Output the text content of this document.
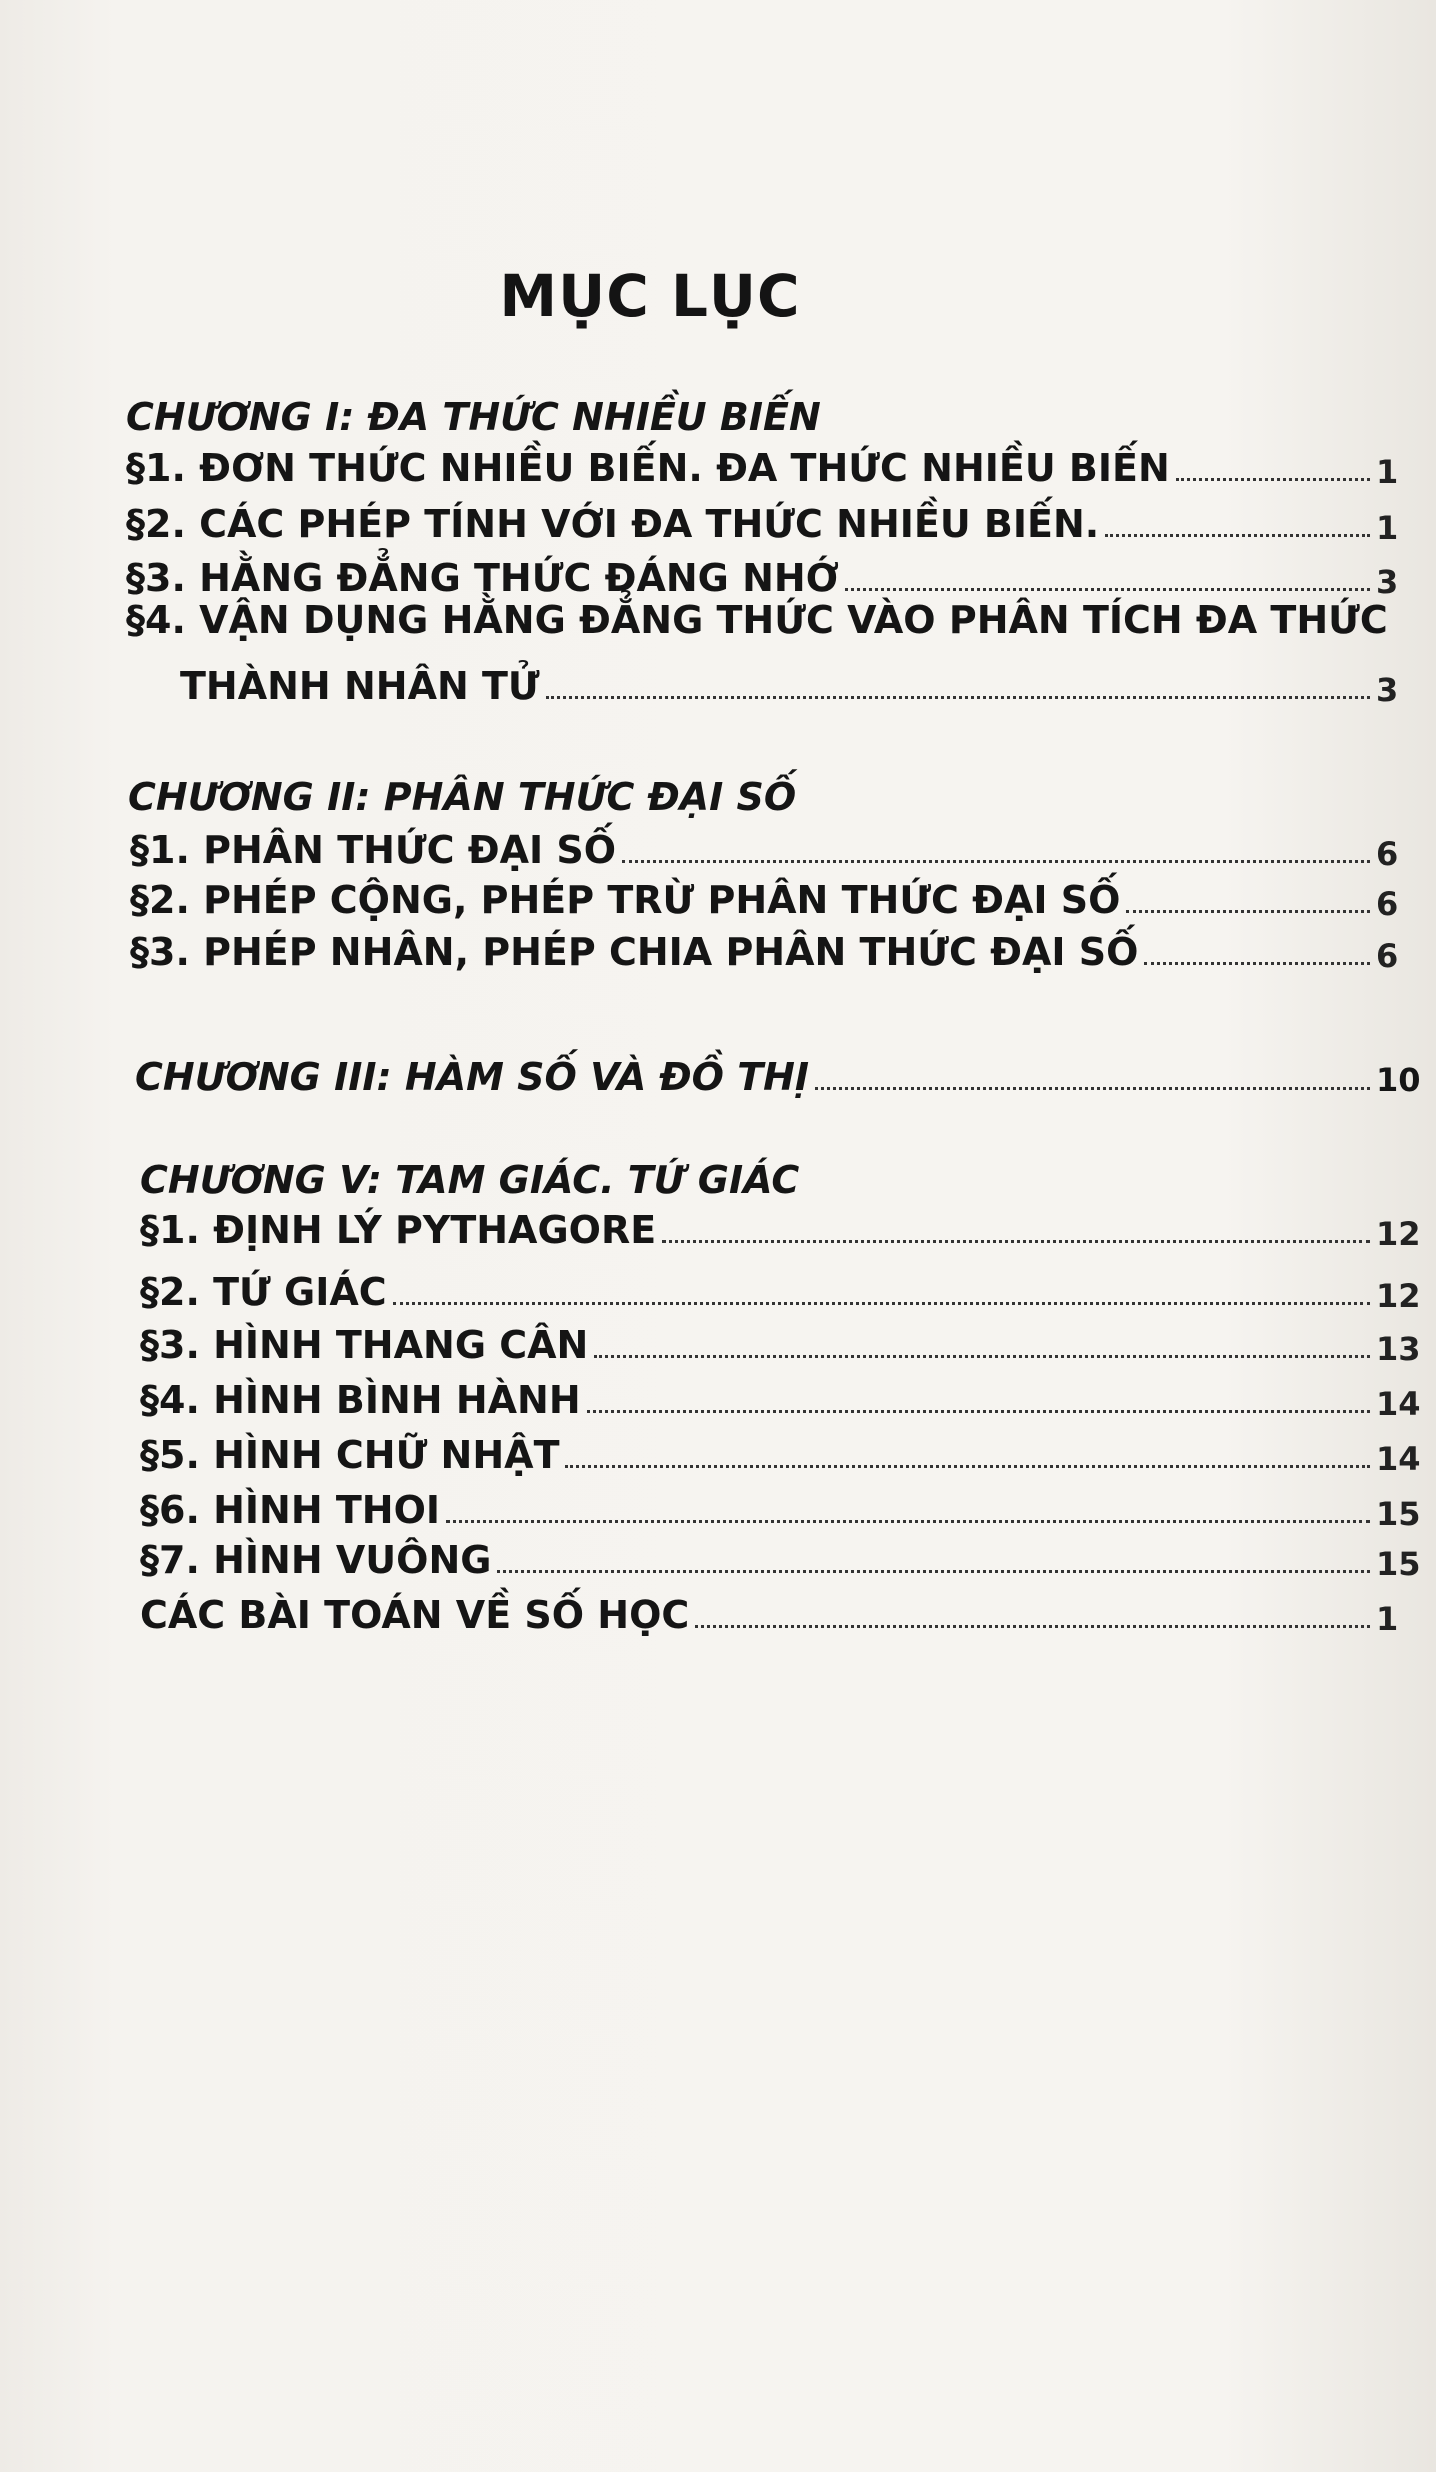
MỤC LỤC
CHƯƠNG I: ĐA THỨC NHIỀU BIẾN
§1. ĐƠN THỨC NHIỀU BIẾN. ĐA THỨC NHIỀU BIẾN	1
§2. CÁC PHÉP TÍNH VỚI ĐA THỨC NHIỀU BIẾN.	1
§3. HẰNG ĐẲNG THỨC ĐÁNG NHỚ	3
§4. VẬN DỤNG HẰNG ĐẲNG THỨC VÀO PHÂN TÍCH ĐA THỨC
THÀNH NHÂN TỬ	3
CHƯƠNG II: PHÂN THỨC ĐẠI SỐ
§1. PHÂN THỨC ĐẠI SỐ	6
§2. PHÉP CỘNG, PHÉP TRỪ PHÂN THỨC ĐẠI SỐ	6
§3. PHÉP NHÂN, PHÉP CHIA PHÂN THỨC ĐẠI SỐ	6
CHƯƠNG III: HÀM SỐ VÀ ĐỒ THỊ	10
CHƯƠNG V: TAM GIÁC. TỨ GIÁC
§1. ĐỊNH LÝ PYTHAGORE	12
§2. TỨ GIÁC	12
§3. HÌNH THANG CÂN	13
§4. HÌNH BÌNH HÀNH	14
§5. HÌNH CHỮ NHẬT	14
§6. HÌNH THOI	15
§7. HÌNH VUÔNG	15
CÁC BÀI TOÁN VỀ SỐ HỌC	1
